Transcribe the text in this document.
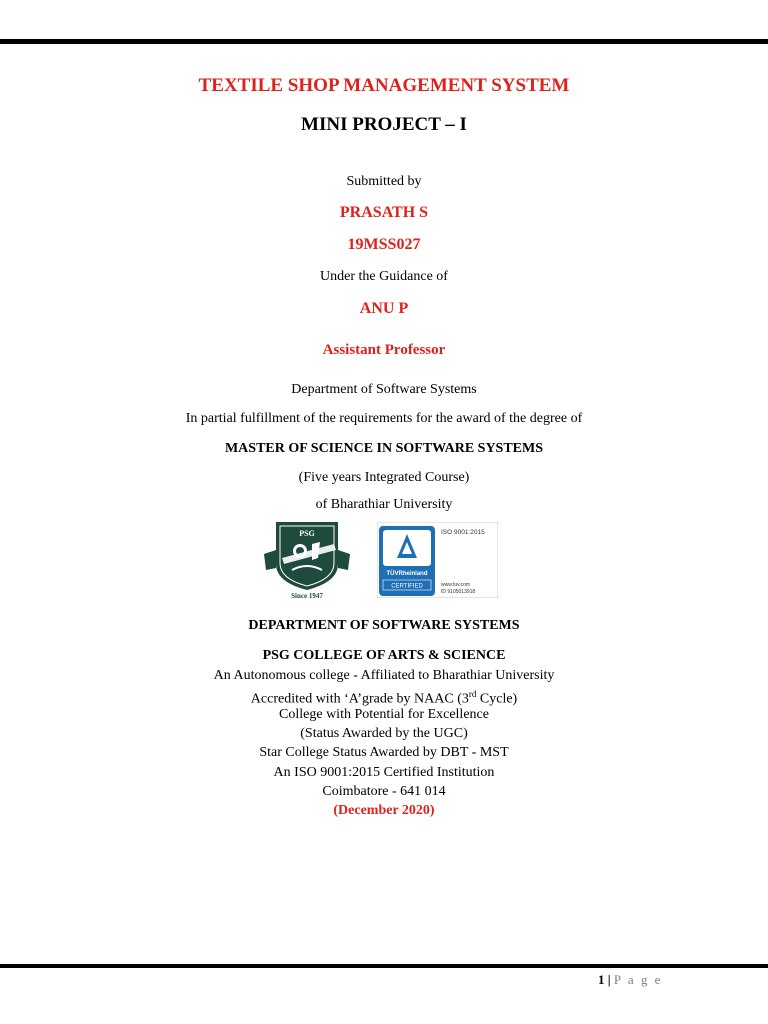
TEXTILE SHOP MANAGEMENT SYSTEM
MINI PROJECT – I
Submitted by
PRASATH S
19MSS027
Under the Guidance of
ANU P
Assistant Professor
Department of Software Systems
In partial fulfillment of the requirements for the award of the degree of
MASTER OF SCIENCE IN SOFTWARE SYSTEMS
(Five years Integrated Course)
of Bharathiar University
PSG
Since 1947
TÜVRheinland
CERTIFIED
ISO 9001:2015
www.tuv.com
ID 9105013918
DEPARTMENT OF SOFTWARE SYSTEMS
PSG COLLEGE OF ARTS & SCIENCE
An Autonomous college - Affiliated to Bharathiar University
Accredited with ‘A’grade by NAAC (3rd Cycle)
College with Potential for Excellence
(Status Awarded by the UGC)
Star College Status Awarded by DBT - MST
An ISO 9001:2015 Certified Institution
Coimbatore - 641 014
(December 2020)
1 | P a g e
